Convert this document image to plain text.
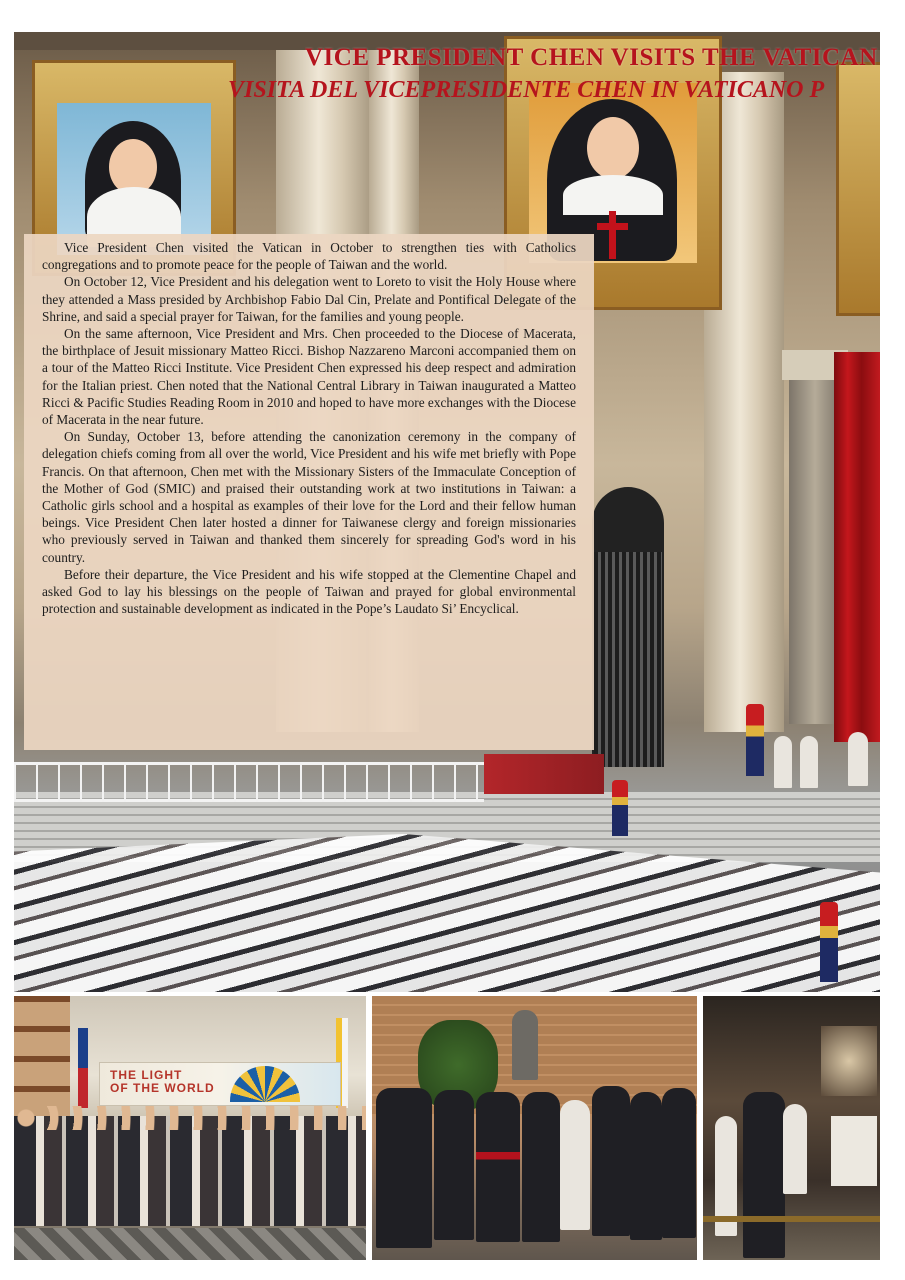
VICE PRESIDENT CHEN VISITS THE VATICAN
VISITA DEL VICEPRESIDENTE CHEN IN VATICANO P

Vice President Chen visited the Vatican in October to strengthen ties with Catholics congregations and to promote peace for the people of Taiwan and the world.

On October 12, Vice President and his delegation went to Loreto to visit the Holy House where they attended a Mass presided by Archbishop Fabio Dal Cin, Prelate and Pontifical Delegate of the Shrine, and said a special prayer for Taiwan, for the families and young people.

On the same afternoon, Vice President and Mrs. Chen proceeded to the Diocese of Macerata, the birthplace of Jesuit missionary Matteo Ricci. Bishop Nazzareno Marconi accompanied them on a tour of the Matteo Ricci Institute. Vice President Chen expressed his deep respect and admiration for the Italian priest. Chen noted that the National Central Library in Taiwan inaugurated a Matteo Ricci & Pacific Studies Reading Room in 2010 and hoped to have more exchanges with the Diocese of Macerata in the near future.

On Sunday, October 13, before attending the canonization ceremony in the company of delegation chiefs coming from all over the world, Vice President and his wife met briefly with Pope Francis. On that afternoon, Chen met with the Missionary Sisters of the Immaculate Conception of the Mother of God (SMIC) and praised their outstanding work at two institutions in Taiwan: a Catholic girls school and a hospital as examples of their love for the Lord and their fellow human beings. Vice President Chen later hosted a dinner for Taiwanese clergy and foreign missionaries who previously served in Taiwan and thanked them sincerely for spreading God's word in his country.

Before their departure, the Vice President and his wife stopped at the Clementine Chapel and asked God to lay his blessings on the people of Taiwan and prayed for global environmental protection and sustainable development as indicated in the Pope’s Laudato Si’ Encyclical.

THE LIGHT
OF THE WORLD
